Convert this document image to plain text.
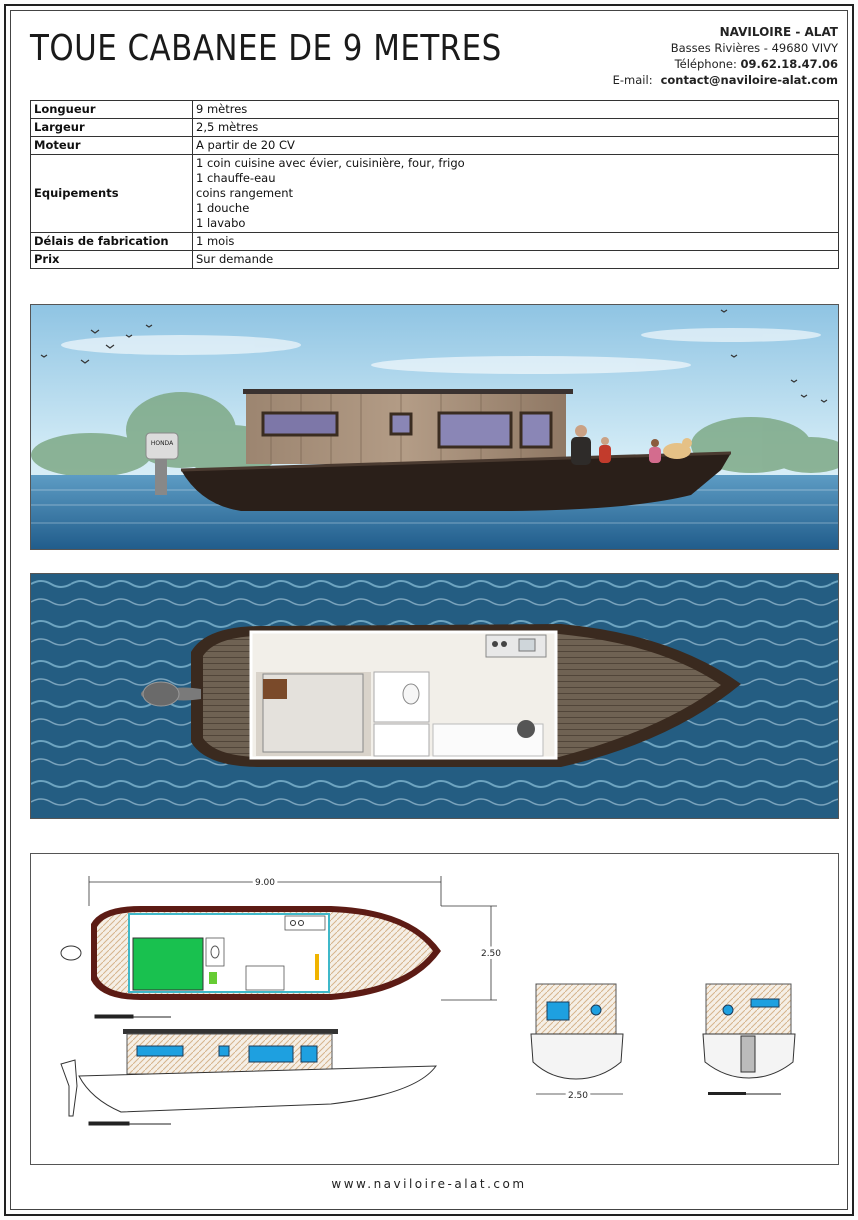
TOUE CABANEE DE 9 METRES	NAVILOIRE - ALAT
Basses Rivières - 49680 VIVY
Téléphone: 09.62.18.47.06
E-mail: contact@naviloire-alat.com
Longueur	9 mètres
Largeur	2,5 mètres
Moteur	A partir de 20 CV
Equipements	1 coin cuisine avec évier, cuisinière, four, frigo
1 chauffe-eau
coins rangement
1 douche
1 lavabo

Délais de fabrication	1 mois
Prix	Sur demande
HONDA
9.00
2.50
2.50
www.naviloire-alat.com
